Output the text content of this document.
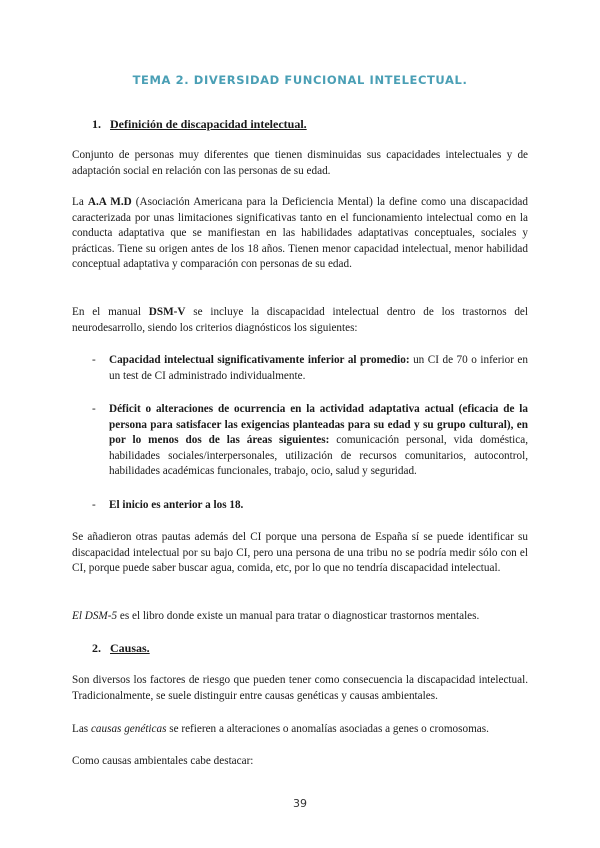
TEMA 2. DIVERSIDAD FUNCIONAL INTELECTUAL.
1. Definición de discapacidad intelectual.

Conjunto de personas muy diferentes que tienen disminuidas sus capacidades intelectuales y de adaptación social en relación con las personas de su edad.

La A.A M.D (Asociación Americana para la Deficiencia Mental) la define como una discapacidad caracterizada por unas limitaciones significativas tanto en el funcionamiento intelectual como en la conducta adaptativa que se manifiestan en las habilidades adaptativas conceptuales, sociales y prácticas. Tiene su origen antes de los 18 años. Tienen menor capacidad intelectual, menor habilidad conceptual adaptativa y comparación con personas de su edad.

En el manual DSM-V se incluye la discapacidad intelectual dentro de los trastornos del neurodesarrollo, siendo los criterios diagnósticos los siguientes:

- Capacidad intelectual significativamente inferior al promedio: un CI de 70 o inferior en un test de CI administrado individualmente.
- Déficit o alteraciones de ocurrencia en la actividad adaptativa actual (eficacia de la persona para satisfacer las exigencias planteadas para su edad y su grupo cultural), en por lo menos dos de las áreas siguientes: comunicación personal, vida doméstica, habilidades sociales/interpersonales, utilización de recursos comunitarios, autocontrol, habilidades académicas funcionales, trabajo, ocio, salud y seguridad.
- El inicio es anterior a los 18.

Se añadieron otras pautas además del CI porque una persona de España sí se puede identificar su discapacidad intelectual por su bajo CI, pero una persona de una tribu no se podría medir sólo con el CI, porque puede saber buscar agua, comida, etc, por lo que no tendría discapacidad intelectual.

El DSM-5 es el libro donde existe un manual para tratar o diagnosticar trastornos mentales.

2. Causas.

Son diversos los factores de riesgo que pueden tener como consecuencia la discapacidad intelectual. Tradicionalmente, se suele distinguir entre causas genéticas y causas ambientales.

Las causas genéticas se refieren a alteraciones o anomalías asociadas a genes o cromosomas.

Como causas ambientales cabe destacar:

39
